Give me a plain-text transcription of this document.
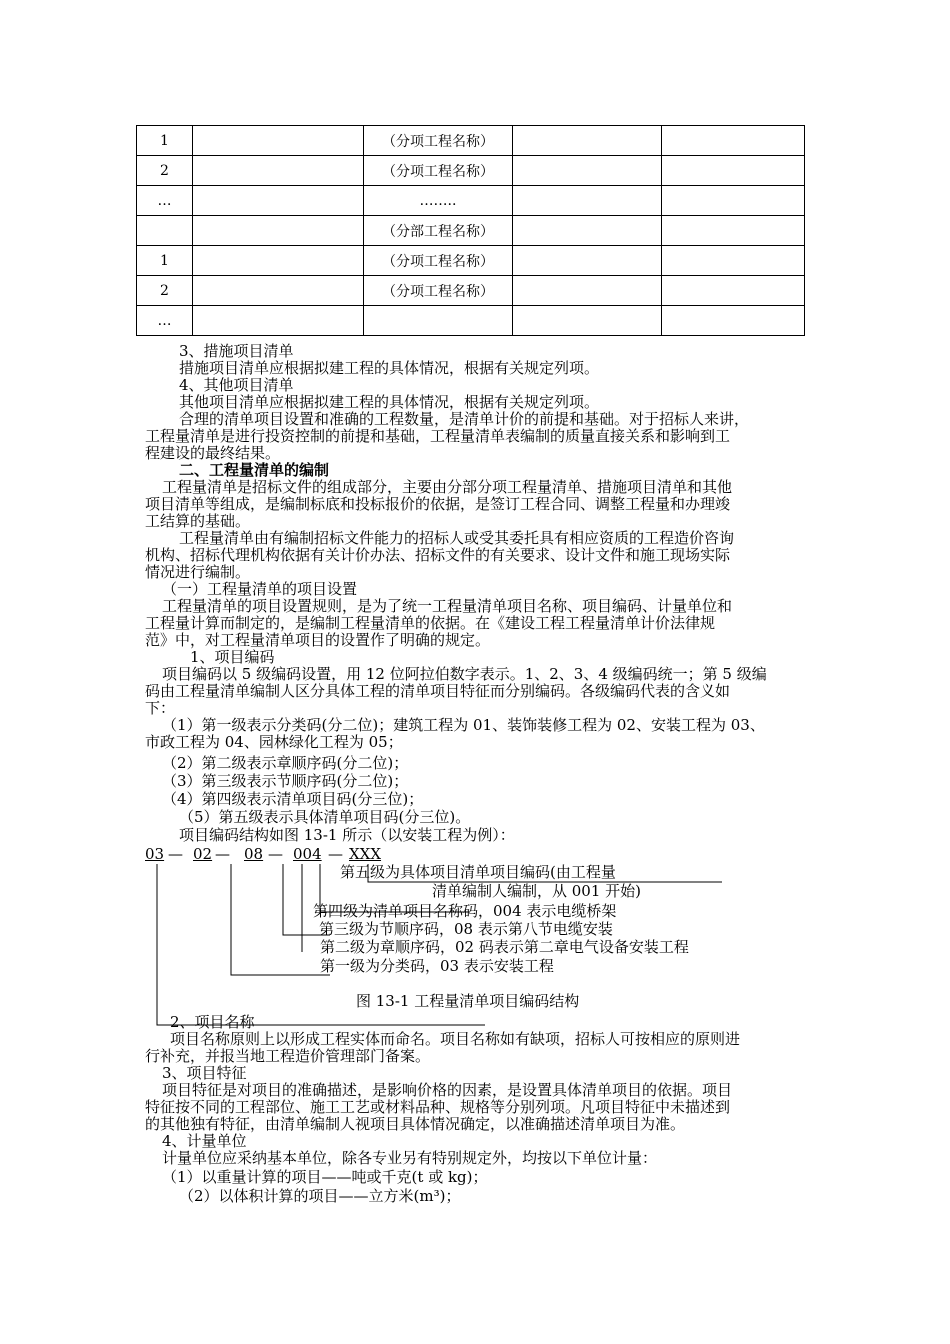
1		（分项工程名称）		
2		（分项工程名称）		
…		……..		
		（分部工程名称）		
1		（分项工程名称）		
2		（分项工程名称）		
…				
3、措施项目清单
措施项目清单应根据拟建工程的具体情况，根据有关规定列项。
4、其他项目清单
其他项目清单应根据拟建工程的具体情况，根据有关规定列项。
合理的清单项目设置和准确的工程数量，是清单计价的前提和基础。对于招标人来讲，
工程量清单是进行投资控制的前提和基础，工程量清单表编制的质量直接关系和影响到工
程建设的最终结果。
二、工程量清单的编制
工程量清单是招标文件的组成部分，主要由分部分项工程量清单、措施项目清单和其他
项目清单等组成，是编制标底和投标报价的依据，是签订工程合同、调整工程量和办理竣
工结算的基础。
工程量清单由有编制招标文件能力的招标人或受其委托具有相应资质的工程造价咨询
机构、招标代理机构依据有关计价办法、招标文件的有关要求、设计文件和施工现场实际
情况进行编制。
（一）工程量清单的项目设置
工程量清单的项目设置规则，是为了统一工程量清单项目名称、项目编码、计量单位和
工程量计算而制定的，是编制工程量清单的依据。在《建设工程工程量清单计价法律规
范》中，对工程量清单项目的设置作了明确的规定。
1、项目编码
项目编码以 5 级编码设置，用 12 位阿拉伯数字表示。1、2、3、4 级编码统一；第 5 级编
码由工程量清单编制人区分具体工程的清单项目特征而分别编码。各级编码代表的含义如
下：
（1）第一级表示分类码(分二位)；建筑工程为 01、装饰装修工程为 02、安装工程为 03、
市政工程为 04、园林绿化工程为 05；
（2）第二级表示章顺序码(分二位)；
（3）第三级表示节顺序码(分二位)；
（4）第四级表示清单项目码(分三位)；
（5）第五级表示具体清单项目码(分三位)。
项目编码结构如图 13-1 所示（以安装工程为例）：
03 — 02 — 08 — 004 — XXX
第五级为具体项目清单项目编码(由工程量
清单编制人编制，从 001 开始)
第四级为清单项目名称码，004 表示电缆桥架
第三级为节顺序码，08 表示第八节电缆安装
第二级为章顺序码，02 码表示第二章电气设备安装工程
第一级为分类码，03 表示安装工程
图 13-1 工程量清单项目编码结构
2、项目名称
项目名称原则上以形成工程实体而命名。项目名称如有缺项，招标人可按相应的原则进
行补充，并报当地工程造价管理部门备案。
3、项目特征
项目特征是对项目的准确描述，是影响价格的因素，是设置具体清单项目的依据。项目
特征按不同的工程部位、施工工艺或材料品种、规格等分别列项。凡项目特征中未描述到
的其他独有特征，由清单编制人视项目具体情况确定，以准确描述清单项目为准。
4、计量单位
计量单位应采纳基本单位，除各专业另有特别规定外，均按以下单位计量：
（1）以重量计算的项目——吨或千克(t 或 kg)；
（2）以体积计算的项目——立方米(m³)；
